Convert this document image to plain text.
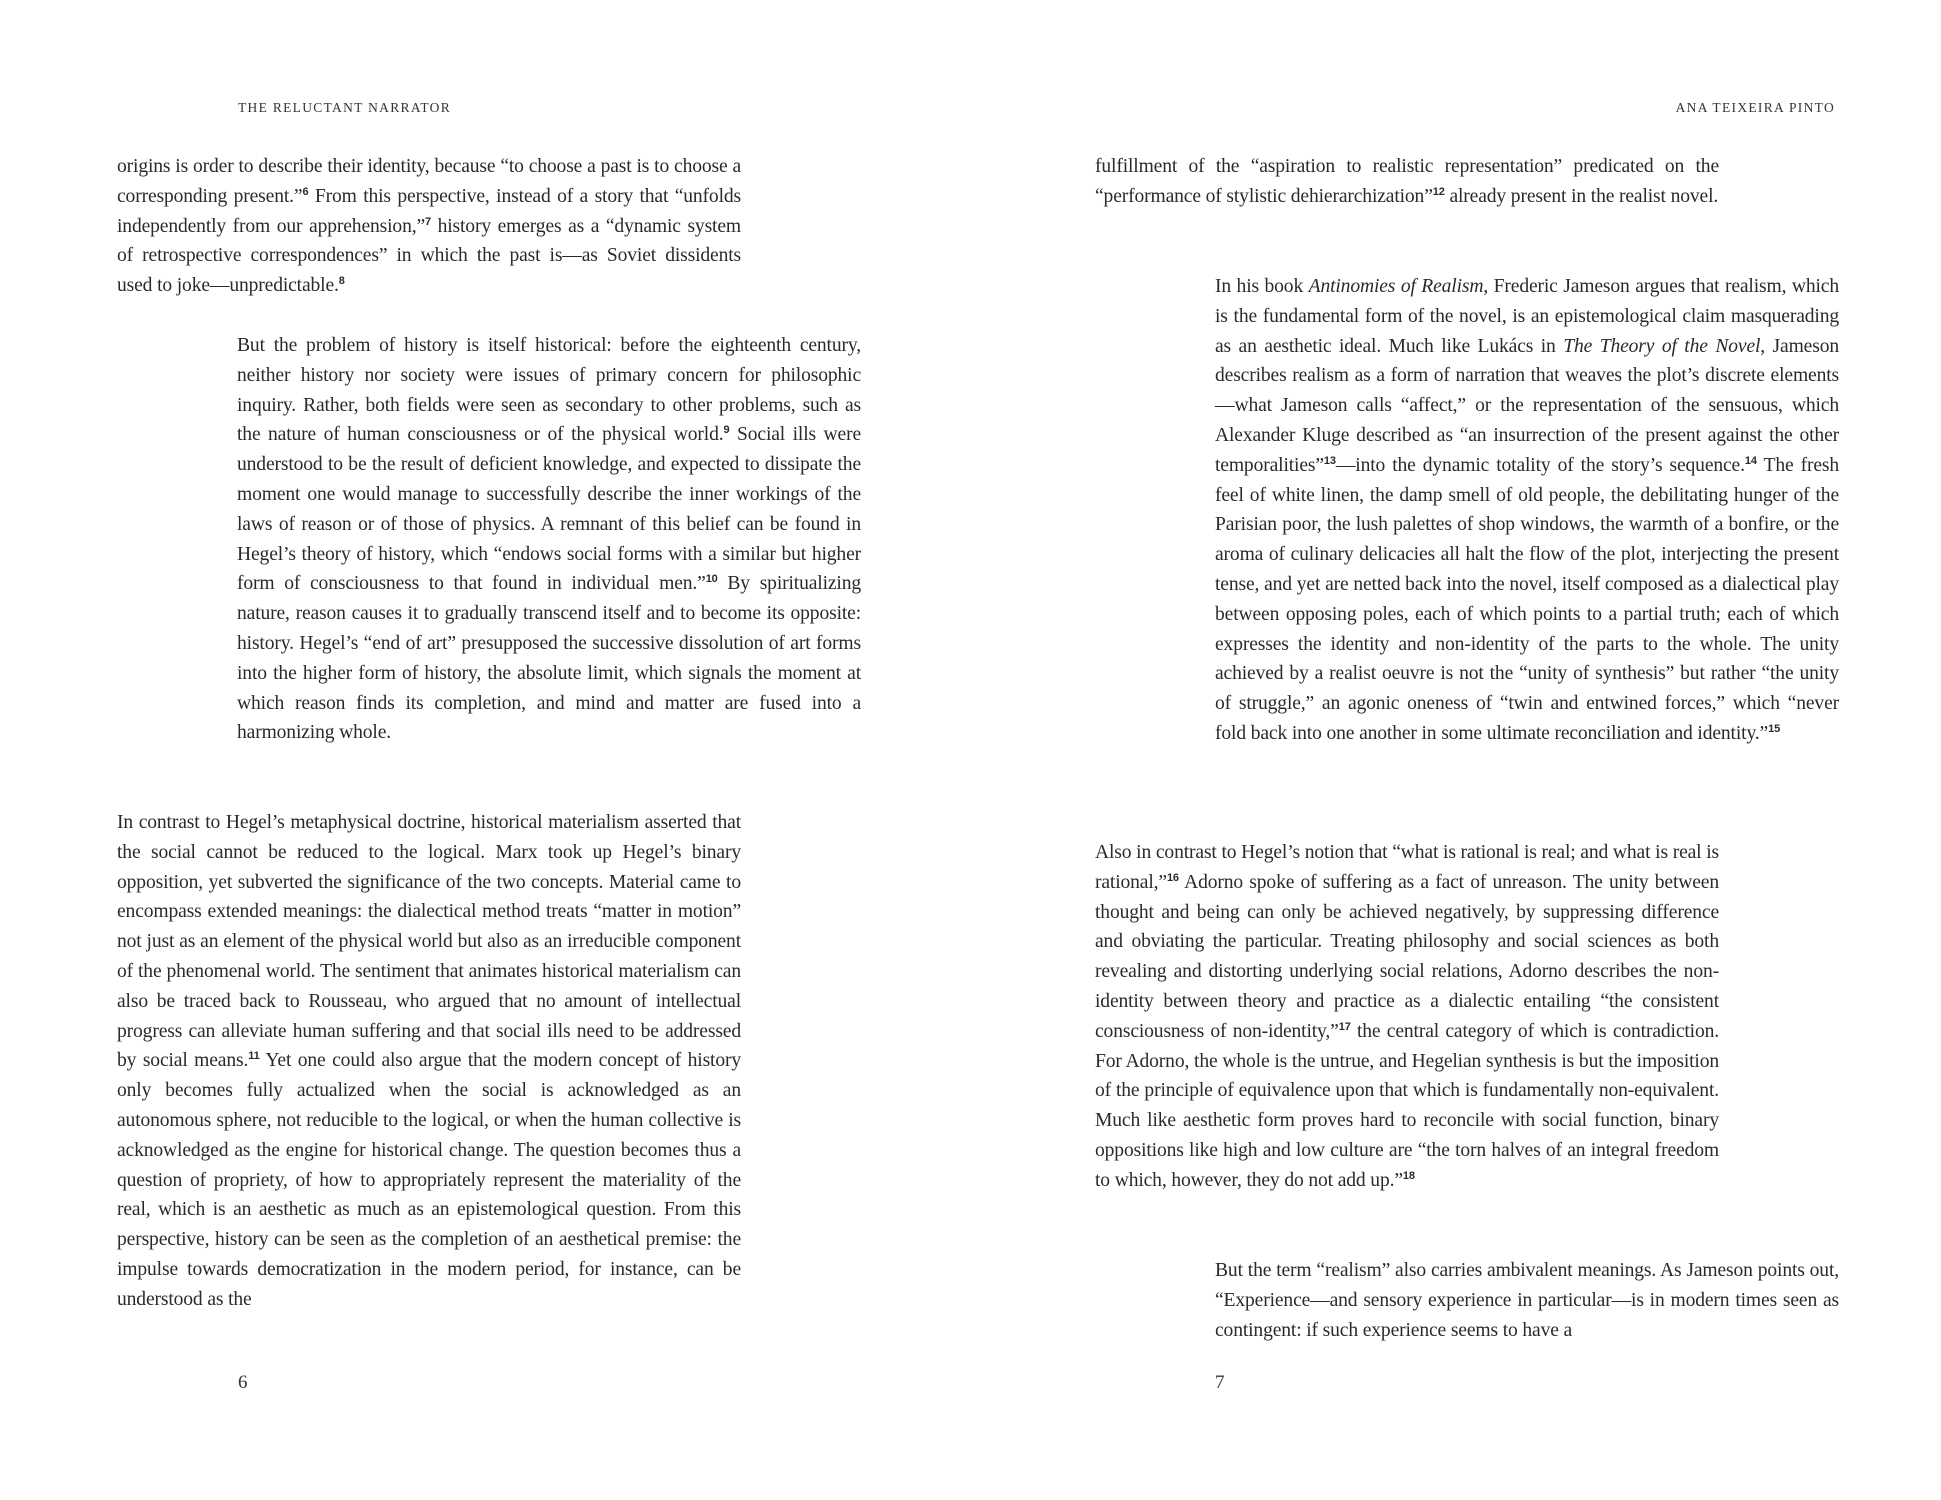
THE RELUCTANT NARRATOR

origins is order to describe their identity, because “to choose a past is to choose a corresponding present.”$^6$ From this perspective, instead of a story that “unfolds independently from our apprehension,”$^7$ history emerges as a “dynamic system of retrospective correspondences” in which the past is—as Soviet dissidents used to joke—unpredictable.$^8$

But the problem of history is itself historical: before the eighteenth century, neither history nor society were issues of primary concern for philosophic inquiry. Rather, both fields were seen as secondary to other problems, such as the nature of human consciousness or of the physical world.$^9$ Social ills were understood to be the result of deficient knowledge, and expected to dissipate the moment one would manage to successfully describe the inner workings of the laws of reason or of those of physics. A remnant of this belief can be found in Hegel’s theory of history, which “endows social forms with a similar but higher form of consciousness to that found in individual men.”$^{10}$ By spiritualizing nature, reason causes it to gradually transcend itself and to become its opposite: history. Hegel’s “end of art” presupposed the successive dissolution of art forms into the higher form of history, the absolute limit, which signals the moment at which reason finds its completion, and mind and matter are fused into a harmonizing whole.

In contrast to Hegel’s metaphysical doctrine, historical materialism asserted that the social cannot be reduced to the logical. Marx took up Hegel’s binary opposition, yet subverted the significance of the two concepts. Material came to encompass extended meanings: the dialectical method treats “matter in motion” not just as an element of the physical world but also as an irreducible component of the phenomenal world. The sentiment that animates historical materialism can also be traced back to Rousseau, who argued that no amount of intellectual progress can alleviate human suffering and that social ills need to be addressed by social means.$^{11}$ Yet one could also argue that the modern concept of history only becomes fully actualized when the social is acknowledged as an autonomous sphere, not reducible to the logical, or when the human collective is acknowledged as the engine for historical change. The question becomes thus a question of propriety, of how to appropriately represent the materiality of the real, which is an aesthetic as much as an epistemological question. From this perspective, history can be seen as the completion of an aesthetical premise: the impulse towards democratization in the modern period, for instance, can be understood as the

6
ANA TEIXEIRA PINTO

fulfillment of the “aspiration to realistic representation” predicated on the “performance of stylistic dehierarchization”$^{12}$ already present in the realist novel.

In his book Antinomies of Realism, Frederic Jameson argues that realism, which is the fundamental form of the novel, is an epistemological claim masquerading as an aesthetic ideal. Much like Lukács in The Theory of the Novel, Jameson describes realism as a form of narration that weaves the plot’s discrete elements—what Jameson calls “affect,” or the representation of the sensuous, which Alexander Kluge described as “an insurrection of the present against the other temporalities”$^{13}$—into the dynamic totality of the story’s sequence.$^{14}$ The fresh feel of white linen, the damp smell of old people, the debilitating hunger of the Parisian poor, the lush palettes of shop windows, the warmth of a bonfire, or the aroma of culinary delicacies all halt the flow of the plot, interjecting the present tense, and yet are netted back into the novel, itself composed as a dialectical play between opposing poles, each of which points to a partial truth; each of which expresses the identity and non-identity of the parts to the whole. The unity achieved by a realist oeuvre is not the “unity of synthesis” but rather “the unity of struggle,” an agonic oneness of “twin and entwined forces,” which “never fold back into one another in some ultimate reconciliation and identity.”$^{15}$

Also in contrast to Hegel’s notion that “what is rational is real; and what is real is rational,”$^{16}$ Adorno spoke of suffering as a fact of unreason. The unity between thought and being can only be achieved negatively, by suppressing difference and obviating the particular. Treating philosophy and social sciences as both revealing and distorting underlying social relations, Adorno describes the non-identity between theory and practice as a dialectic entailing “the consistent consciousness of non-identity,”$^{17}$ the central category of which is contradiction. For Adorno, the whole is the untrue, and Hegelian synthesis is but the imposition of the principle of equivalence upon that which is fundamentally non-equivalent. Much like aesthetic form proves hard to reconcile with social function, binary oppositions like high and low culture are “the torn halves of an integral freedom to which, however, they do not add up.”$^{18}$

But the term “realism” also carries ambivalent meanings. As Jameson points out, “Experience—and sensory experience in particular—is in modern times seen as contingent: if such experience seems to have a

7
